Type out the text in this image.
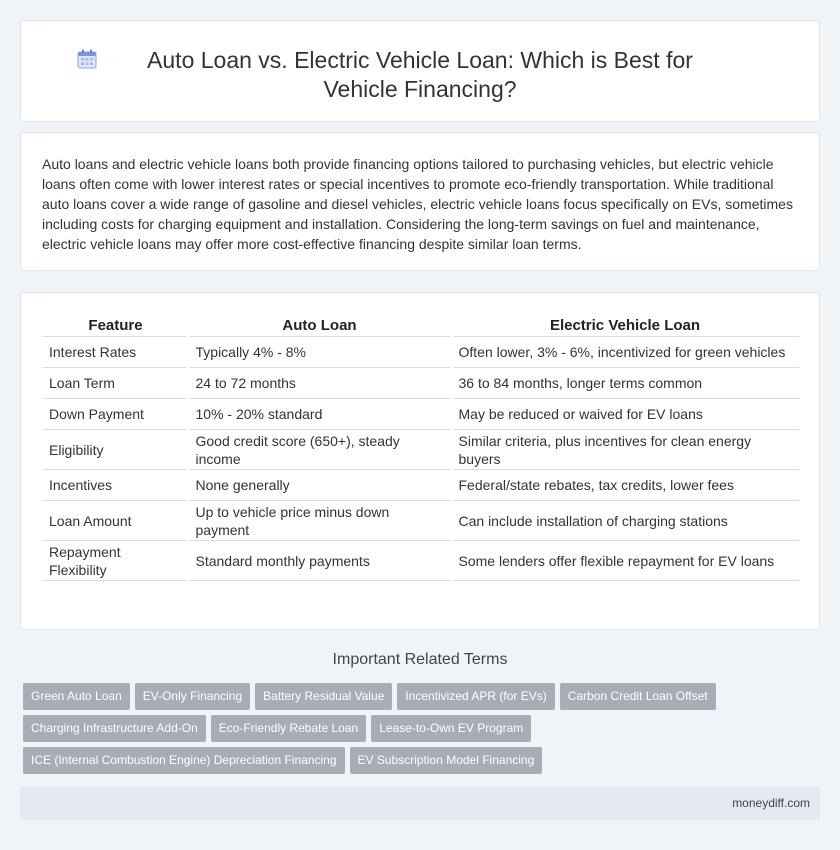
Auto Loan vs. Electric Vehicle Loan: Which is Best for Vehicle Financing?

Auto loans and electric vehicle loans both provide financing options tailored to purchasing vehicles, but electric vehicle loans often come with lower interest rates or special incentives to promote eco-friendly transportation. While traditional auto loans cover a wide range of gasoline and diesel vehicles, electric vehicle loans focus specifically on EVs, sometimes including costs for charging equipment and installation. Considering the long-term savings on fuel and maintenance, electric vehicle loans may offer more cost-effective financing despite similar loan terms.

Feature	Auto Loan	Electric Vehicle Loan
Interest Rates	Typically 4% - 8%	Often lower, 3% - 6%, incentivized for green vehicles
Loan Term	24 to 72 months	36 to 84 months, longer terms common
Down Payment	10% - 20% standard	May be reduced or waived for EV loans
Eligibility	Good credit score (650+), steady income	Similar criteria, plus incentives for clean energy buyers
Incentives	None generally	Federal/state rebates, tax credits, lower fees
Loan Amount	Up to vehicle price minus down payment	Can include installation of charging stations
Repayment Flexibility	Standard monthly payments	Some lenders offer flexible repayment for EV loans
Important Related Terms
Green Auto Loan	EV-Only Financing	Battery Residual Value	Incentivized APR (for EVs)	Carbon Credit Loan Offset
Charging Infrastructure Add-On	Eco-Friendly Rebate Loan	Lease-to-Own EV Program
ICE (Internal Combustion Engine) Depreciation Financing	EV Subscription Model Financing
moneydiff.com
